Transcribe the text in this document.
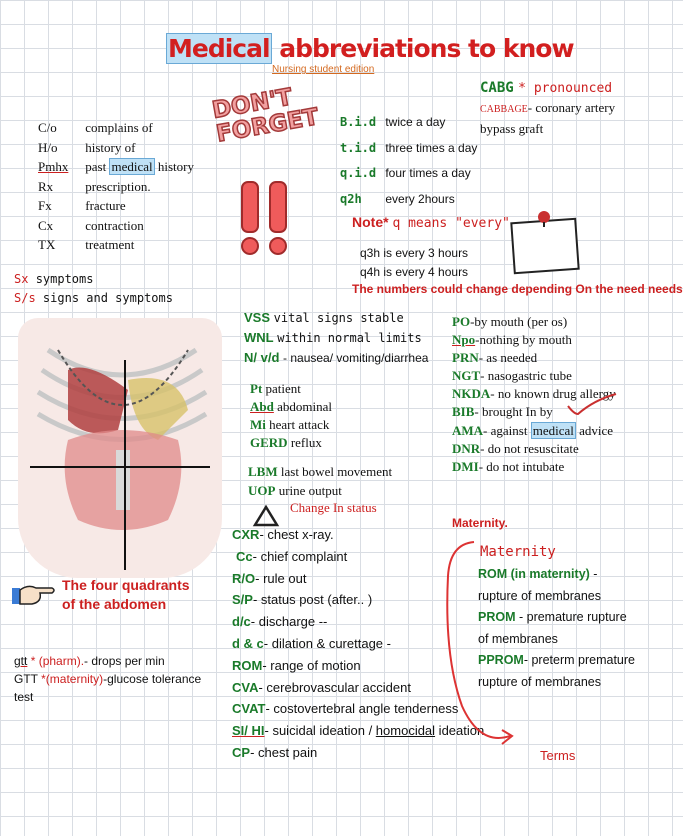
Medical abbreviations to know
Nursing student edition
DON'T FORGET
C/o complains of
H/o history of
Pmhx past medical history
Rx prescription.
Fx	fracture
Cx contraction
TX treatment
Sx symptoms
S/s signs and symptoms
B.i.d twice a day
t.i.d three times a day
q.i.d four times a day
q2h every 2hours
Note* q means "every"
q3h is every 3 hours
q4h is every 4 hours
The numbers could change depending On the need needs
CABG * pronounced
CABBAGE- coronary artery
bypass graft
The four quadrants of the abdomen
gtt * (pharm).- drops per min
GTT *(maternity)-glucose tolerance
test
VSS vital signs stable
WNL within normal limits
N/ v/d - nausea/ vomiting/diarrhea
Pt patient
Abd abdominal
Mi heart attack
GERD reflux
LBM last bowel movement
UOP urine output
Change In status
PO-by mouth (per os)
Npo-nothing by mouth
PRN- as needed
NGT- nasogastric tube
NKDA- no known drug allergy
BIB- brought In by
AMA- against medical advice
DNR- do not resuscitate
DMI- do not intubate
CXR- chest x-ray.
Cc- chief complaint
R/O- rule out
S/P- status post (after.. )
d/c- discharge --
d & c- dilation & curettage -
ROM- range of motion
CVA- cerebrovascular accident
CVAT- costovertebral angle tenderness
SI/ HI- suicidal ideation / homocidal ideation
CP- chest pain
Maternity.
Maternity
ROM (in maternity) -
rupture of membranes
PROM - premature rupture
of membranes
PPROM- preterm premature
rupture of membranes
Terms
